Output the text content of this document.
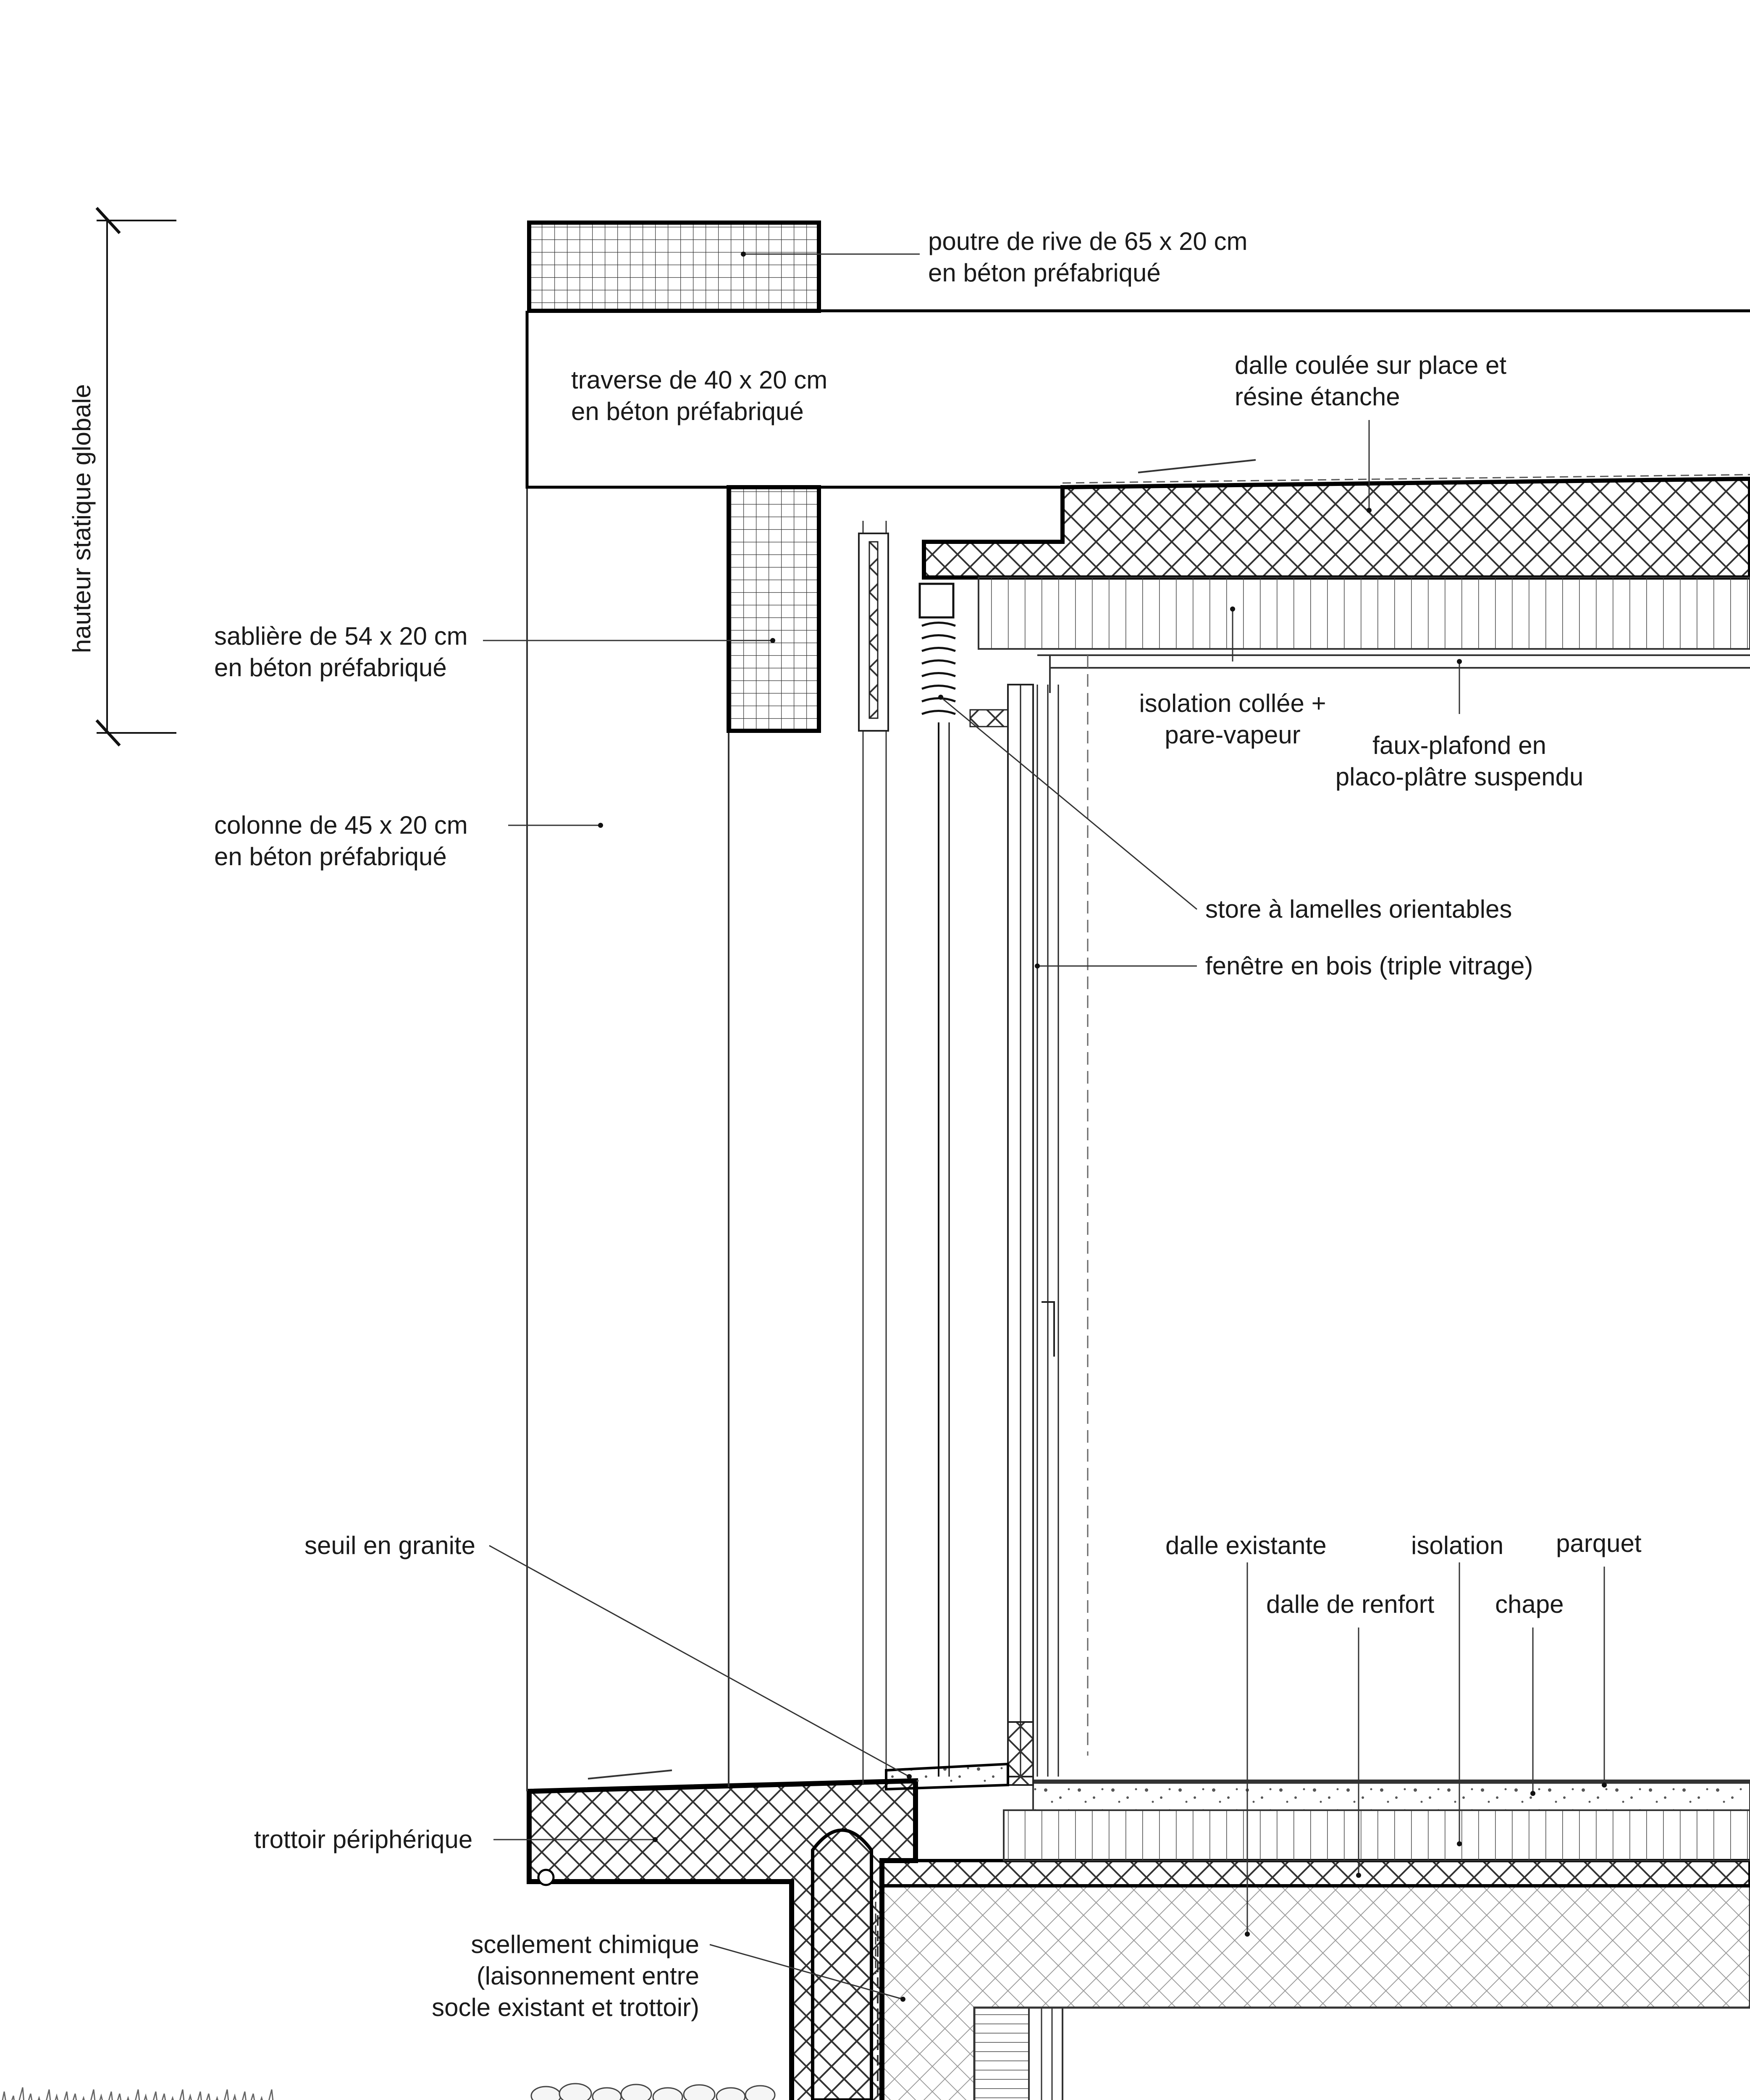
hauteur statique globale
poutre de rive de 65 x 20 cm
en béton préfabriqué
traverse de 40 x 20 cm
en béton préfabriqué
dalle coulée sur place et
résine étanche
sablière de 54 x 20 cm
en béton préfabriqué
isolation collée +
pare-vapeur	faux-plafond en
placo-plâtre suspendu
colonne de 45 x 20 cm
en béton préfabriqué
store à lamelles orientables
fenêtre en bois (triple vitrage)
seuil en granite	dalle existante	isolation parquet
dalle de renfort chape
trottoir périphérique
scellement chimique
(laisonnement entre
socle existant et trottoir)
